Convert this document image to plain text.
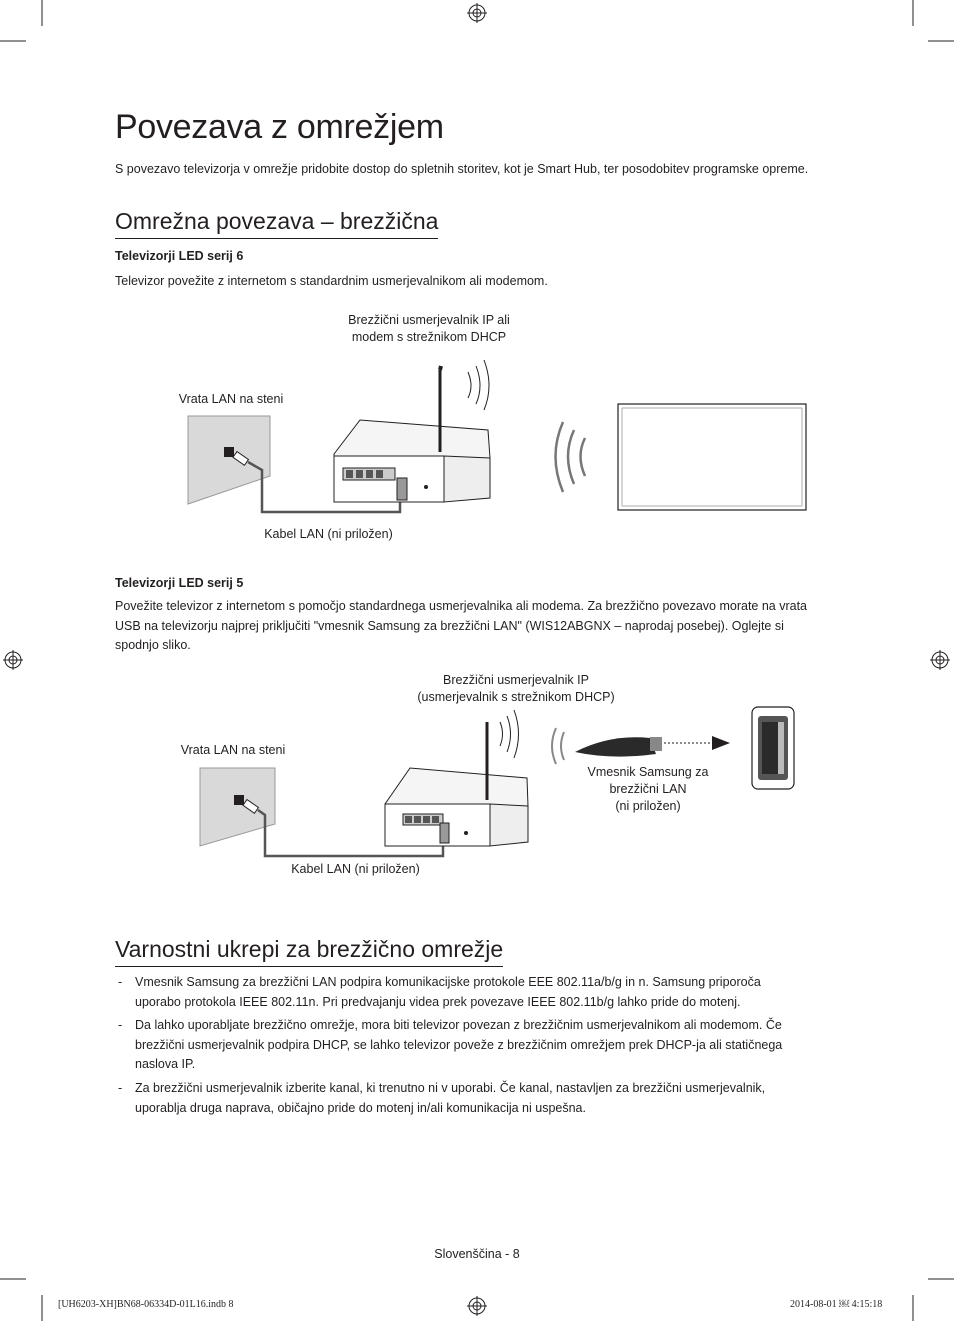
Povezava z omrežjem
S povezavo televizorja v omrežje pridobite dostop do spletnih storitev, kot je Smart Hub, ter posodobitev programske opreme.
Omrežna povezava – brezžična
Televizorji LED serij 6
Televizor povežite z internetom s standardnim usmerjevalnikom ali modemom.
Brezžični usmerjevalnik IP ali
modem s strežnikom DHCP
Vrata LAN na steni
Kabel LAN (ni priložen)
Televizorji LED serij 5
Povežite televizor z internetom s pomočjo standardnega usmerjevalnika ali modema. Za brezžično povezavo morate na vrata
USB na televizorju najprej priključiti "vmesnik Samsung za brezžični LAN" (WIS12ABGNX – naprodaj posebej). Oglejte si
spodnjo sliko.
Brezžični usmerjevalnik IP
(usmerjevalnik s strežnikom DHCP)
Vrata LAN na steni
Kabel LAN (ni priložen)
Vmesnik Samsung za
brezžični LAN
(ni priložen)
Varnostni ukrepi za brezžično omrežje
- Vmesnik Samsung za brezžični LAN podpira komunikacijske protokole EEE 802.11a/b/g in n. Samsung priporoča
uporabo protokola IEEE 802.11n. Pri predvajanju videa prek povezave IEEE 802.11b/g lahko pride do motenj.
- Da lahko uporabljate brezžično omrežje, mora biti televizor povezan z brezžičnim usmerjevalnikom ali modemom. Če
brezžični usmerjevalnik podpira DHCP, se lahko televizor poveže z brezžičnim omrežjem prek DHCP-ja ali statičnega
naslova IP.
- Za brezžični usmerjevalnik izberite kanal, ki trenutno ni v uporabi. Če kanal, nastavljen za brezžični usmerjevalnik,
uporablja druga naprava, običajno pride do motenj in/ali komunikacija ni uspešna.
Slovenščina - 8
[UH6203-XH]BN68-06334D-01L16.indb 8	2014-08-01 ￼ 4:15:18
